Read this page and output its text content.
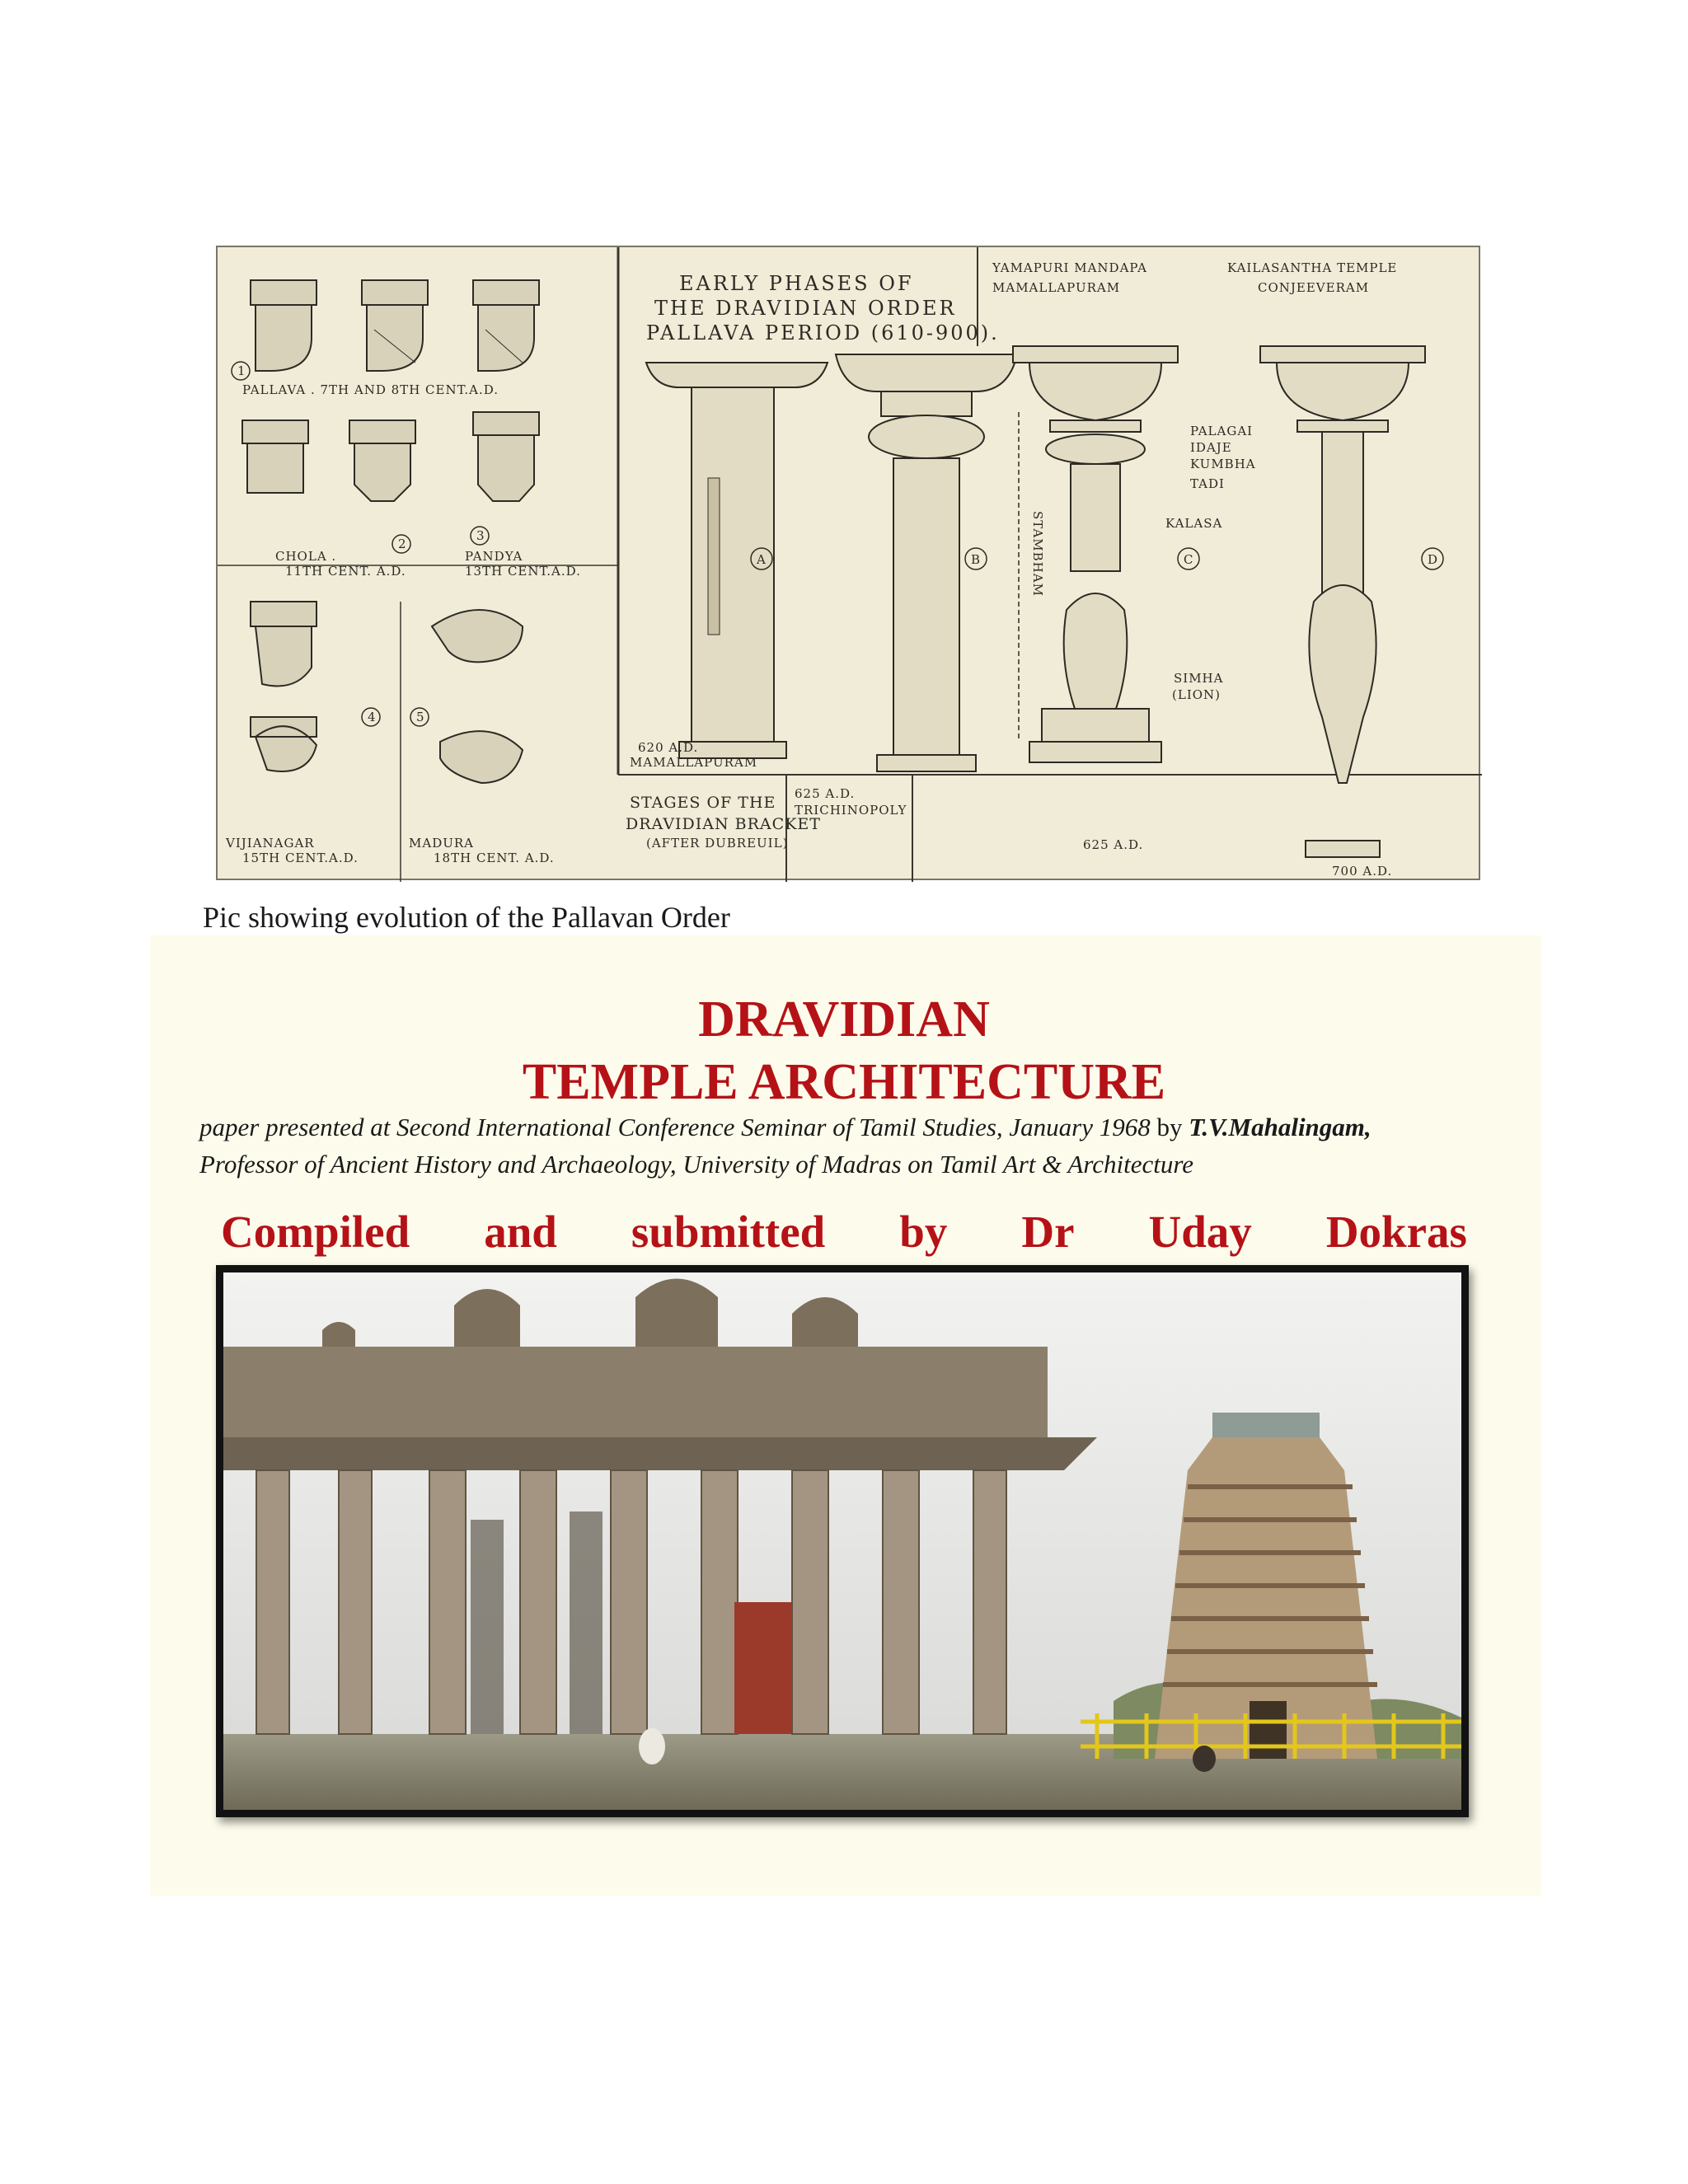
EARLY PHASES OF
THE DRAVIDIAN ORDER
PALLAVA PERIOD (610-900).
YAMAPURI MANDAPA
MAMALLAPURAM
KAILASANTHA TEMPLE
CONJEEVERAM
PALLAVA . 7TH AND 8TH CENT.A.D.
CHOLA .
11TH CENT. A.D.
PANDYA
13TH CENT.A.D.
VIJIANAGAR
15TH CENT.A.D.
MADURA
18TH CENT. A.D.
STAGES OF THE
DRAVIDIAN BRACKET
(AFTER DUBREUIL)
620 A.D.
MAMALLAPURAM
625 A.D.
TRICHINOPOLY
625 A.D.
700 A.D.
PALAGAI
IDAJE
KUMBHA
TADI
KALASA
SIMHA
(LION)
STAMBHAM
1
2
3
4	5
A	B	C	D
Pic showing evolution of the Pallavan Order
DRAVIDIAN
TEMPLE ARCHITECTURE
paper presented at Second International Conference Seminar of Tamil Studies, January 1968 by T.V.Mahalingam,
Professor of Ancient History and Archaeology, University of Madras on Tamil Art & Architecture
Compiled and submitted by Dr Uday Dokras
